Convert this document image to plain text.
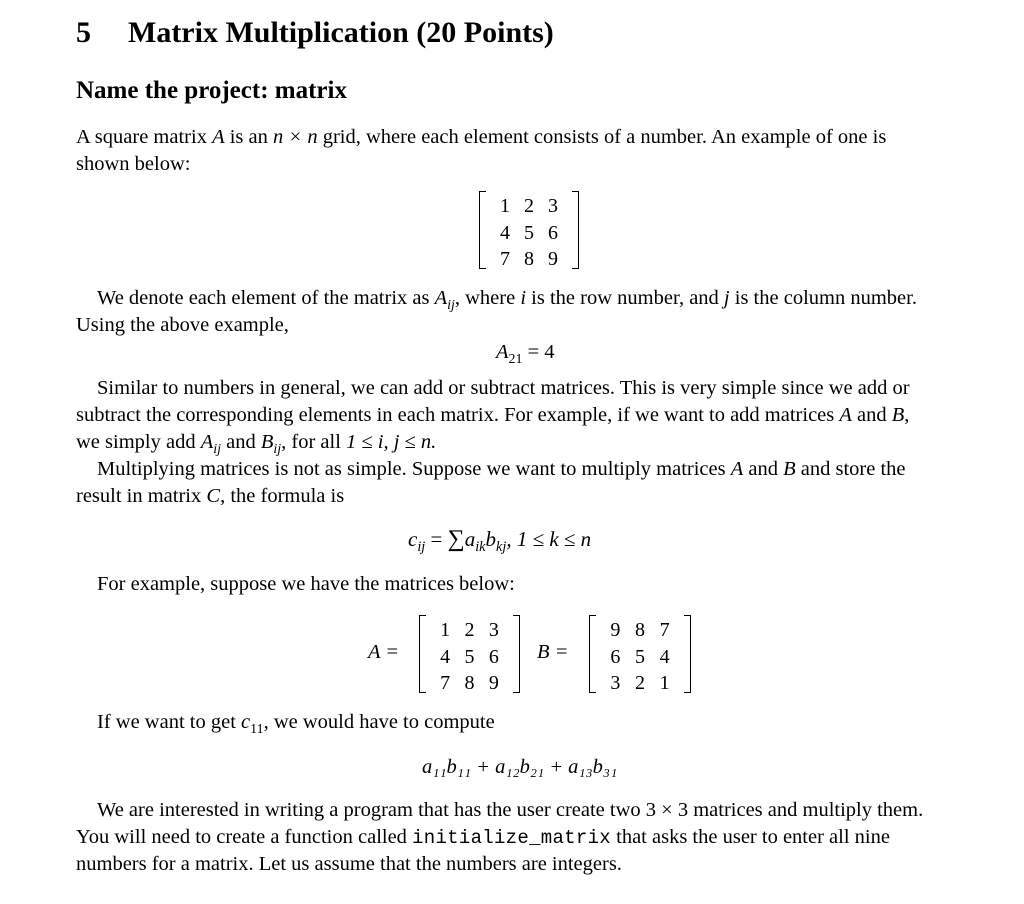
5 Matrix Multiplication (20 Points)
Name the project: matrix
A square matrix A is an n × n grid, where each element consists of a number. An example of one is
shown below:
1 2 3
4 5 6
7 8 9
We denote each element of the matrix as $A_{ij}$, where i is the row number, and j is the column number.
Using the above example,
$A_{21} = 4$
Similar to numbers in general, we can add or subtract matrices. This is very simple since we add or
subtract the corresponding elements in each matrix. For example, if we want to add matrices A and B,
we simply add $A_{ij}$ and $B_{ij}$, for all 1 ≤ i, j ≤ n.
Multiplying matrices is not as simple. Suppose we want to multiply matrices A and B and store the
result in matrix C, the formula is
$c_{ij} = \sum a_{ik}b_{kj}$, 1 ≤ k ≤ n
For example, suppose we have the matrices below:
A =
1 2 3
4 5 6
7 8 9
B =
9 8 7
6 5 4
3 2 1
If we want to get $c_{11}$, we would have to compute
a₁₁b₁₁ + a₁₂b₂₁ + a₁₃b₃₁
We are interested in writing a program that has the user create two 3 × 3 matrices and multiply them.
You will need to create a function called initialize_matrix that asks the user to enter all nine
numbers for a matrix. Let us assume that the numbers are integers.
